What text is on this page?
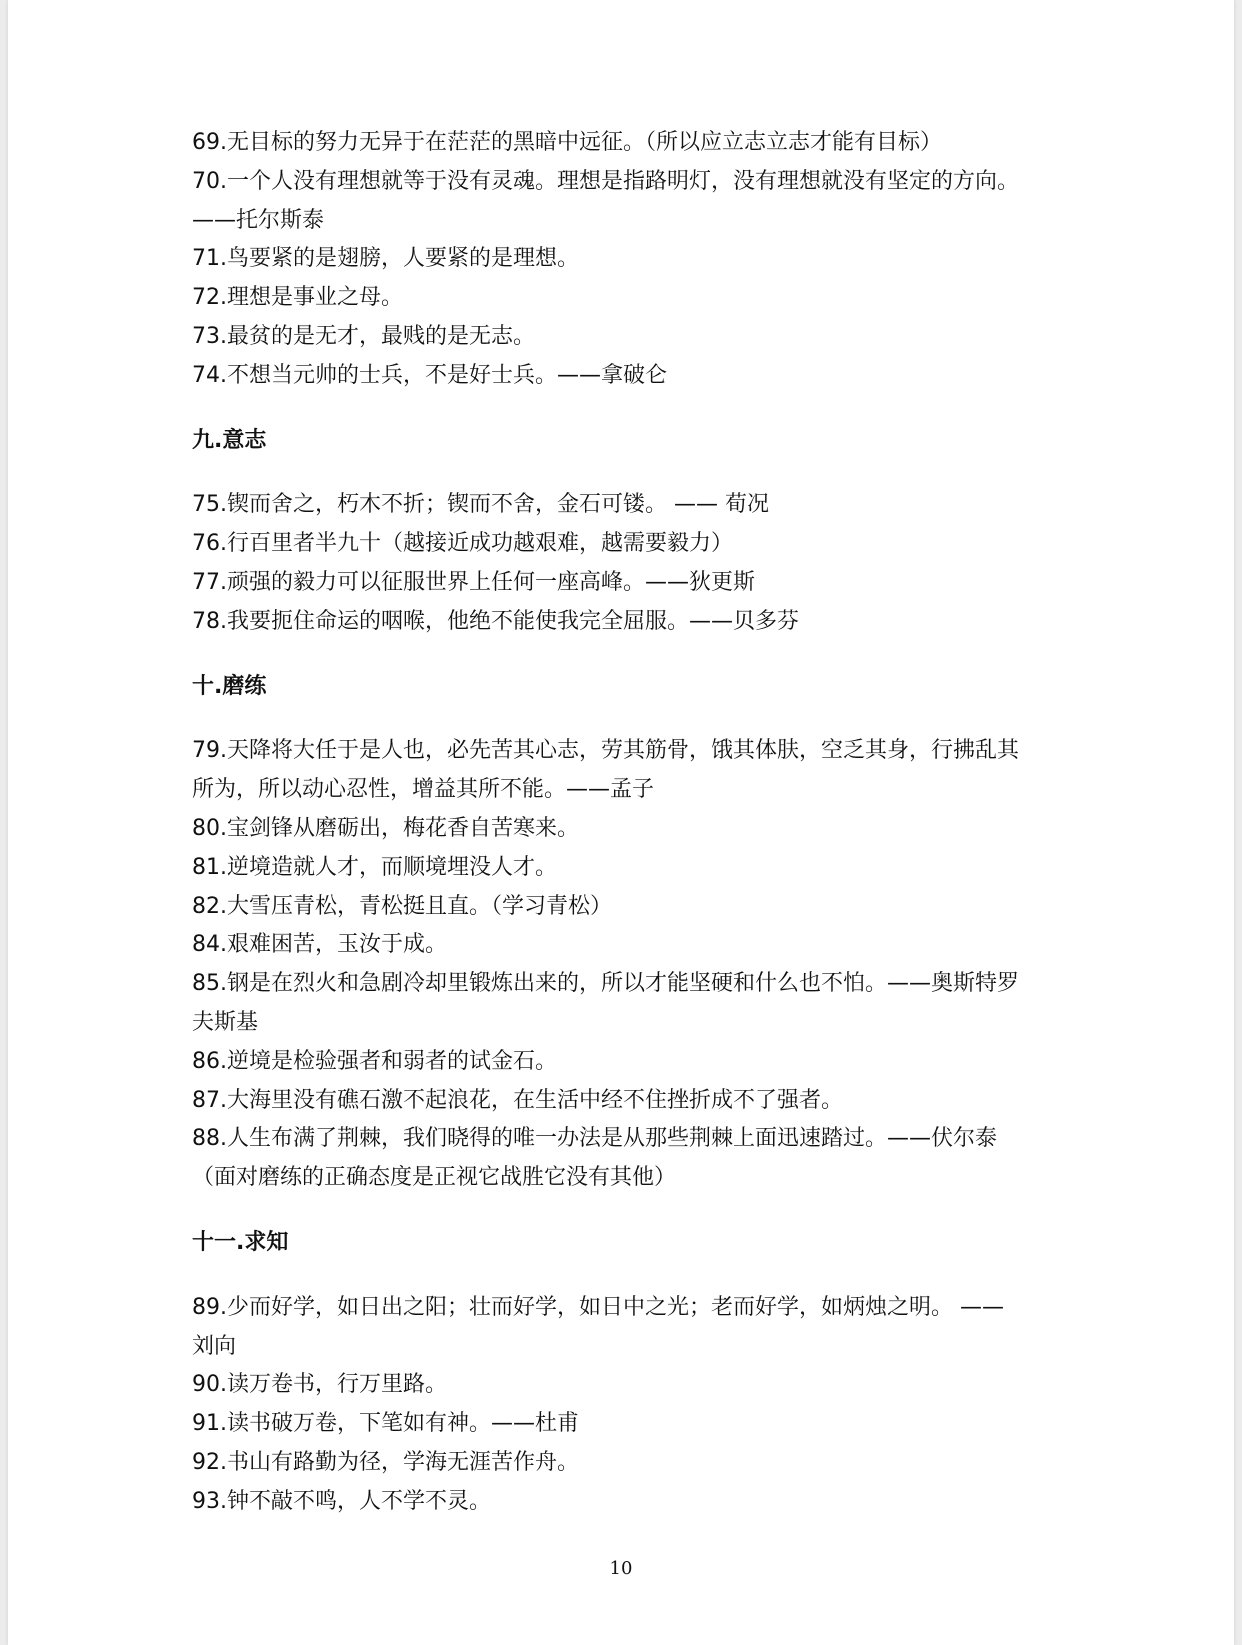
69.无目标的努力无异于在茫茫的黑暗中远征。（所以应立志立志才能有目标）
70.一个人没有理想就等于没有灵魂。理想是指路明灯，没有理想就没有坚定的方向。
——托尔斯泰
71.鸟要紧的是翅膀，人要紧的是理想。
72.理想是事业之母。
73.最贫的是无才，最贱的是无志。
74.不想当元帅的士兵，不是好士兵。——拿破仑
九.意志
75.锲而舍之，朽木不折；锲而不舍，金石可镂。 —— 荀况
76.行百里者半九十（越接近成功越艰难，越需要毅力）
77.顽强的毅力可以征服世界上任何一座高峰。——狄更斯
78.我要扼住命运的咽喉，他绝不能使我完全屈服。——贝多芬
十.磨练
79.天降将大任于是人也，必先苦其心志，劳其筋骨，饿其体肤，空乏其身，行拂乱其
所为，所以动心忍性，增益其所不能。——孟子
80.宝剑锋从磨砺出，梅花香自苦寒来。
81.逆境造就人才，而顺境埋没人才。
82.大雪压青松，青松挺且直。（学习青松）
84.艰难困苦，玉汝于成。
85.钢是在烈火和急剧冷却里锻炼出来的，所以才能坚硬和什么也不怕。——奥斯特罗
夫斯基
86.逆境是检验强者和弱者的试金石。
87.大海里没有礁石激不起浪花，在生活中经不住挫折成不了强者。
88.人生布满了荆棘，我们晓得的唯一办法是从那些荆棘上面迅速踏过。——伏尔泰
（面对磨练的正确态度是正视它战胜它没有其他）
十一.求知
89.少而好学，如日出之阳；壮而好学，如日中之光；老而好学，如炳烛之明。 ——
刘向
90.读万卷书，行万里路。
91.读书破万卷，下笔如有神。——杜甫
92.书山有路勤为径，学海无涯苦作舟。
93.钟不敲不鸣，人不学不灵。
10
